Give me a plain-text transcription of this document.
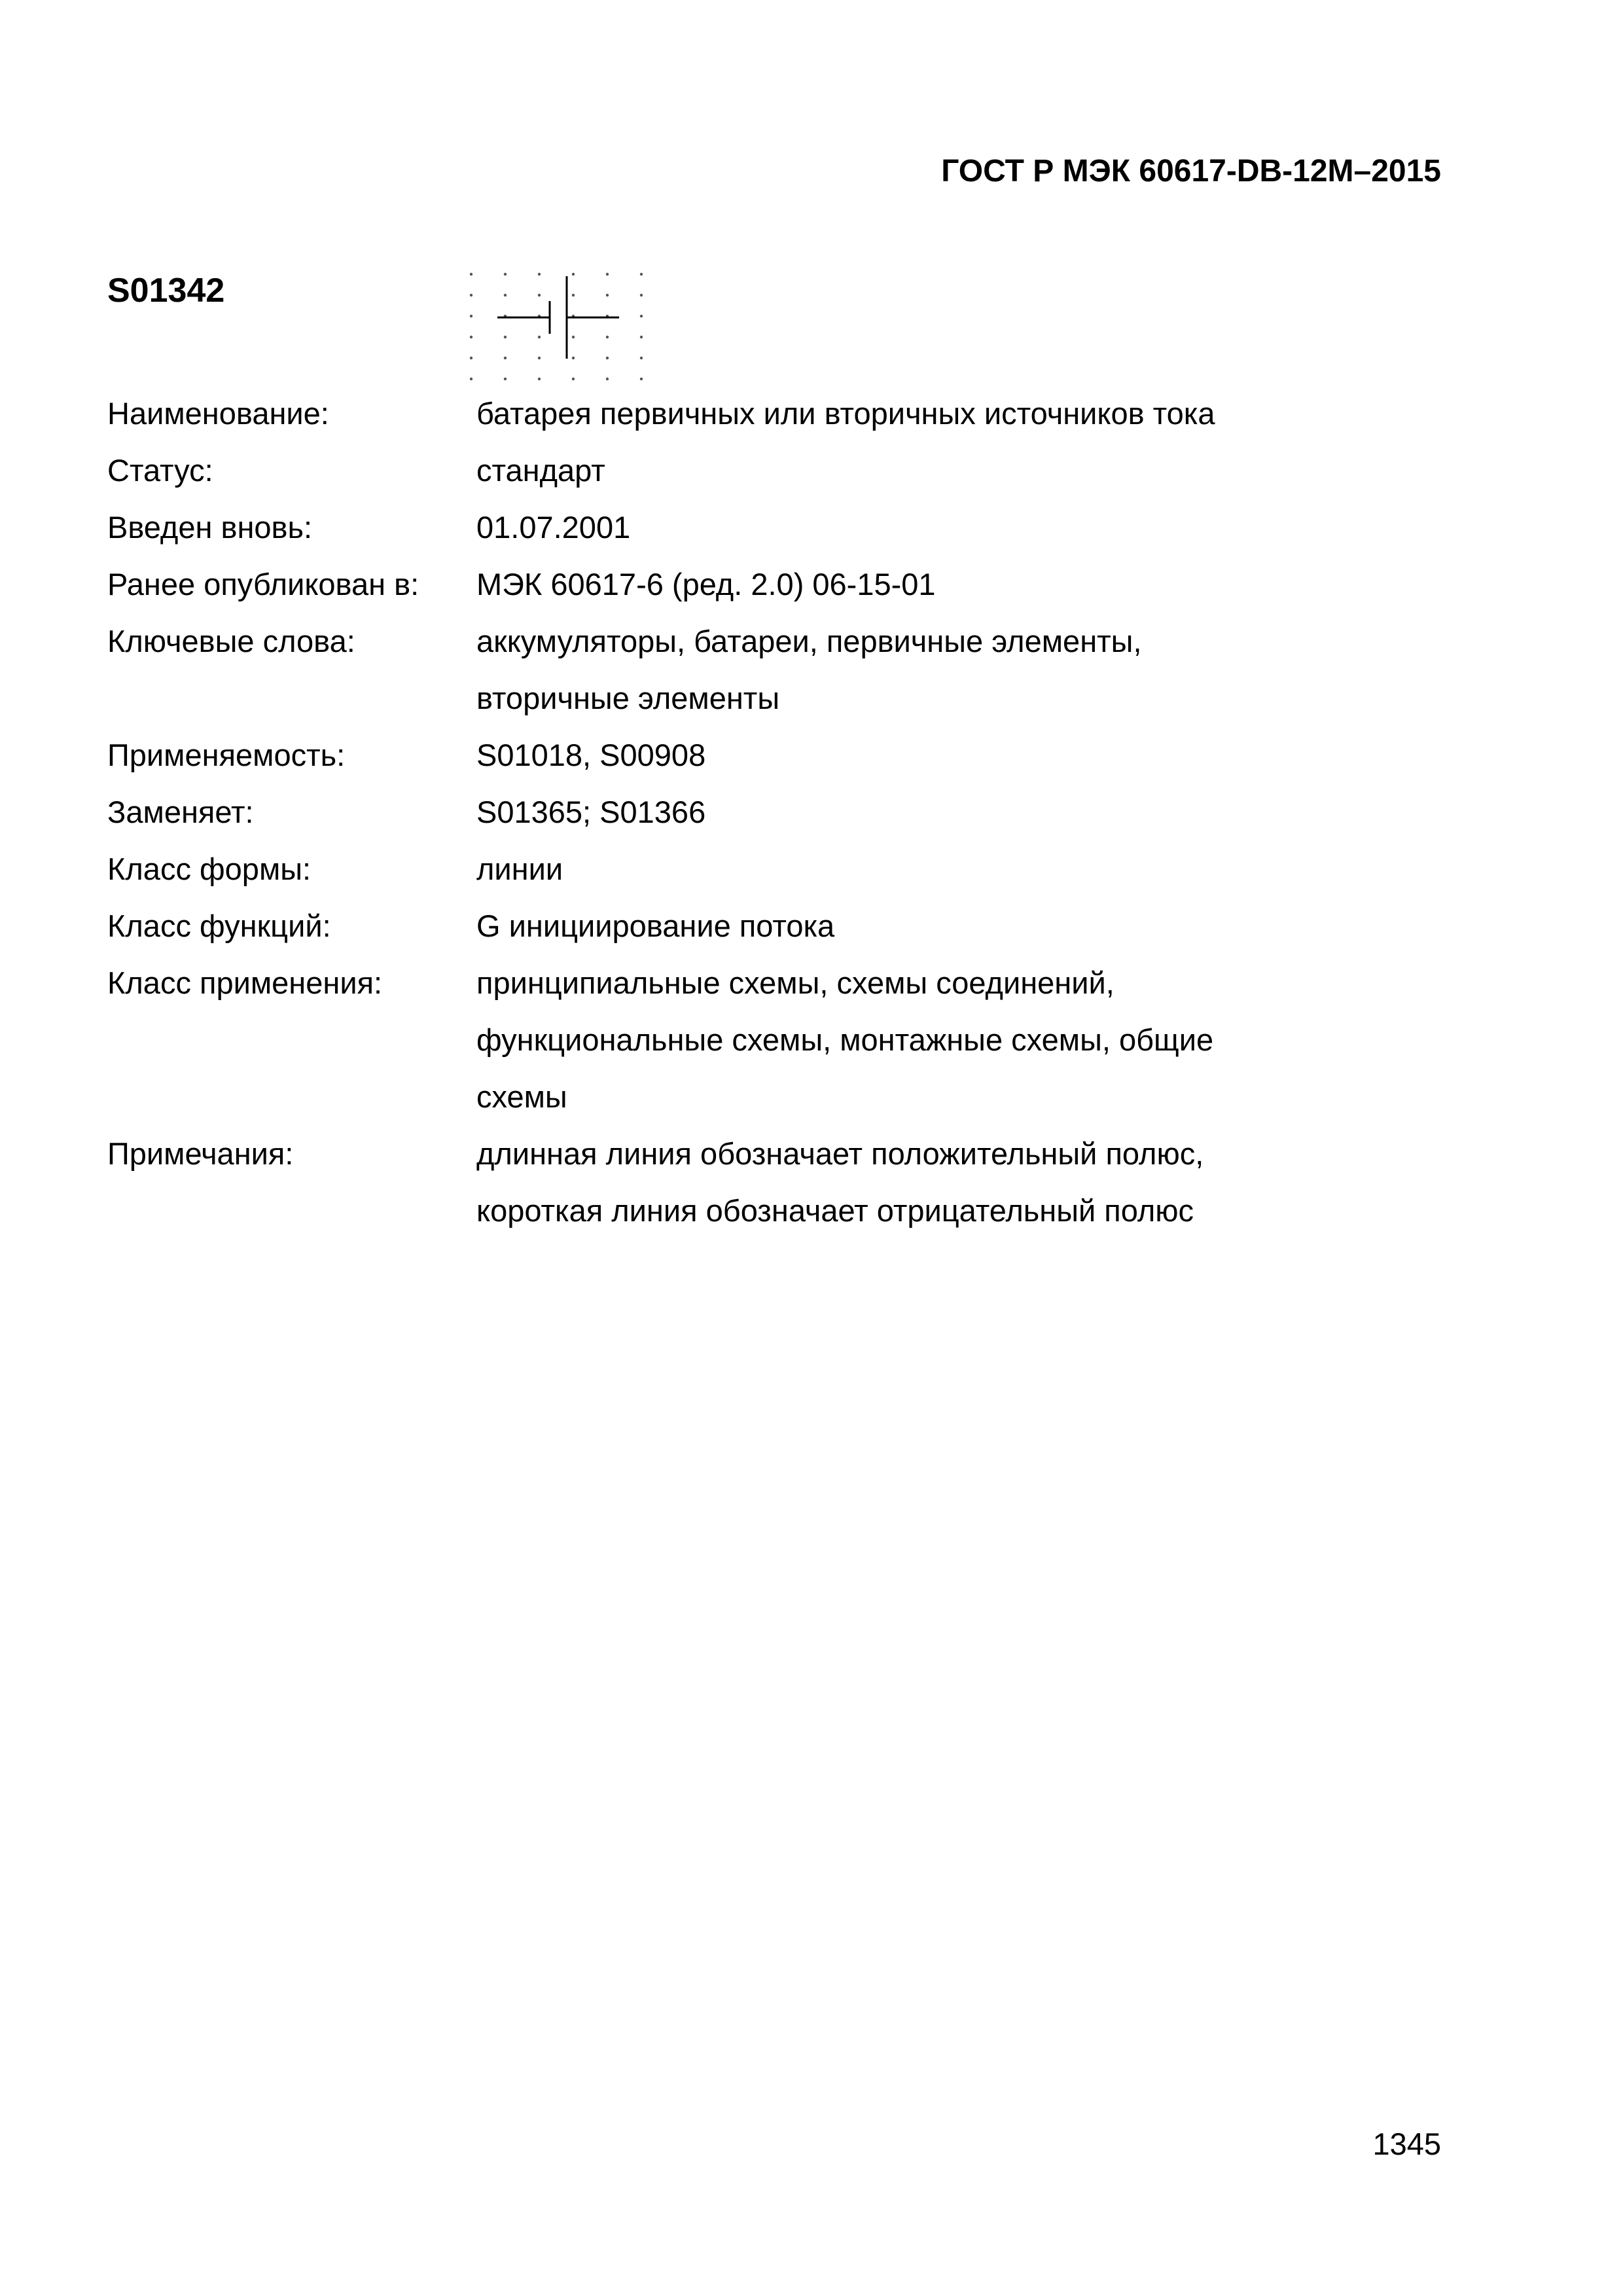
ГОСТ Р МЭК 60617-DB-12M–2015
S01342
Наименование:	батарея первичных или вторичных источников тока
Статус:	стандарт
Введен вновь:	01.07.2001
Ранее опубликован в:	МЭК 60617-6 (ред. 2.0) 06-15-01
Ключевые слова:	аккумуляторы, батареи, первичные элементы,
вторичные элементы
Применяемость:	S01018, S00908
Заменяет:	S01365; S01366
Класс формы:	линии
Класс функций:	G инициирование потока
Класс применения:	принципиальные схемы, схемы соединений,
функциональные схемы, монтажные схемы, общие
схемы
Примечания:	длинная линия обозначает положительный полюс,
короткая линия обозначает отрицательный полюс
1345
